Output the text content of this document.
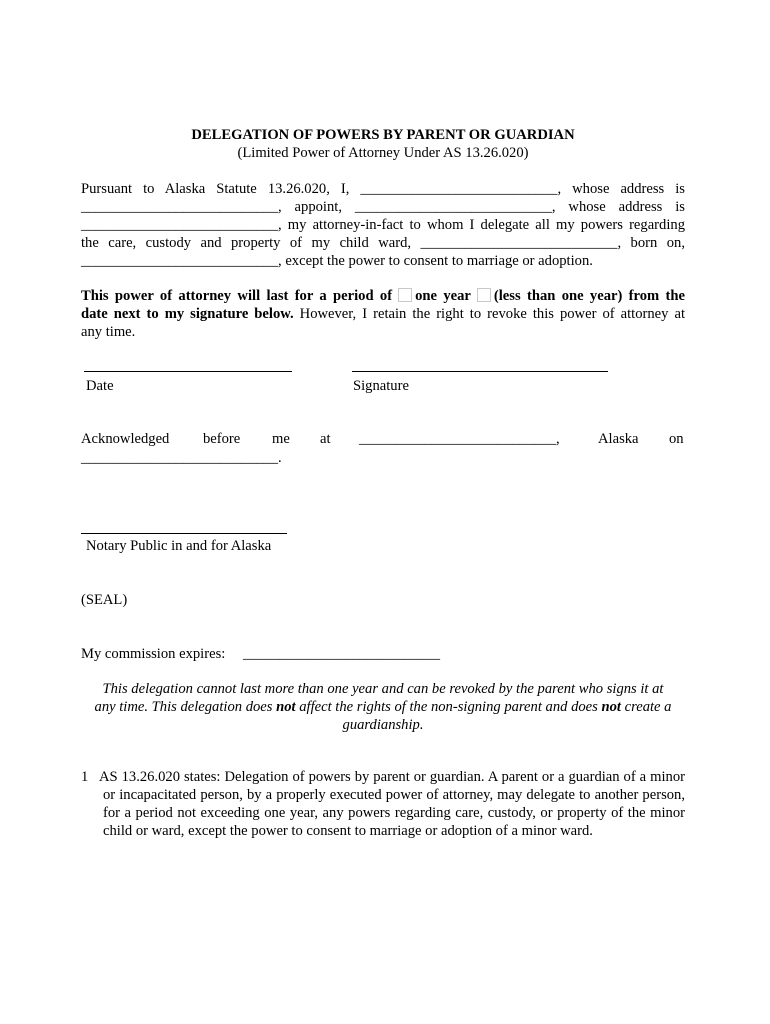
DELEGATION OF POWERS BY PARENT OR GUARDIAN
(Limited Power of Attorney Under AS 13.26.020)
Pursuant to Alaska Statute 13.26.020, I, ___________________________, whose address is
___________________________, appoint, ___________________________, whose address is
___________________________, my attorney-in-fact to whom I delegate all my powers regarding
the care, custody and property of my child ward, ___________________________, born on,
___________________________, except the power to consent to marriage or adoption.
This power of attorney will last for a period of one year (less than one year) from the
date next to my signature below. However, I retain the right to revoke this power of attorney at
any time.
Date	Signature
Acknowledged before me at ___________________________,	Alaska on
___________________________.
Notary Public in and for Alaska
(SEAL)
My commission expires: ___________________________
This delegation cannot last more than one year and can be revoked by the parent who signs it at
any time. This delegation does not affect the rights of the non-signing parent and does not create a
guardianship.
1 AS 13.26.020 states: Delegation of powers by parent or guardian. A parent or a guardian of a minor or incapacitated person, by a properly executed power of attorney, may delegate to another person, for a period not exceeding one year, any powers regarding care, custody, or property of the minor child or ward, except the power to consent to marriage or adoption of a minor ward.
